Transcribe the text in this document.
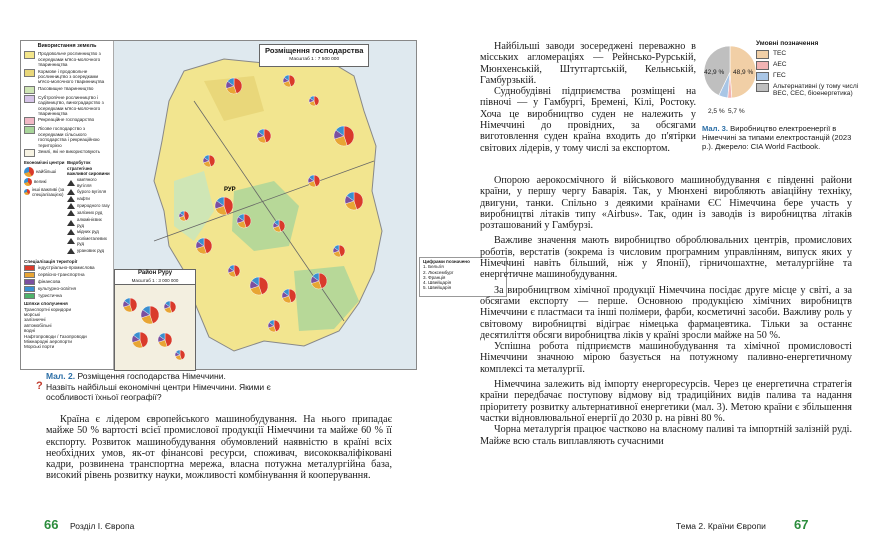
Використання земель
Продовольче рослинництво з осередками м'ясо-молочного тваринництва
Кормове і продовольче рослинництво з осередками м'ясо-молочного тваринництва
Пасовищне тваринництво
Субтропічне рослинництво і садівництво, виноградарство з осередками м'ясо-молочного тваринництва
Рекреаційне господарство
Лісове господарство з осередками сільського господарства і рекреаційною територією
Землі, які не використовують
Економічні центри
найбільші
великі
інші важливі (за спеціалізацією)
Видобуток стратегічно важливої сировини
кам'яного вугілля
бурого вугілля
нафти
природного газу
залізних руд
алюмінієвих руд
мідних руд
поліметалевих руд
уранових руд
Спеціалізація території
індустріально-промислова
сервісно-транспортна
фінансова
культурно-освітня
туристична
Шляхи сполучення
Транспортні коридори
морські
залізничні
автомобільні
водні
Нафтопроводи / Газопроводи
Міжнародні аеропорти
Морські порти
РУР
Розміщення господарства
Масштаб 1 : 7 500 000
Цифрами позначено
1. Бельгія
2. Люксембург
3. Франція
4. Швейцарія
5. Швейцарія
Район Руру
Масштаб 1 : 3 000 000
Мал. 2. Розміщення господарства Німеччини.
? Назвіть найбільші економічні центри Німеччини. Якими є особливості їхньої географії?

Країна є лідером європейського машинобудування. На нього припадає майже 50 % вартості всієї промислової продукції Німеччини та майже 60 % її експорту. Розвиток машинобудування обумовлений наявністю в країні всіх необхідних умов, як-от фінансові ресурси, споживач, висококваліфіковані кадри, розвинена транспортна мережа, власна потужна металургійна база, високий рівень розвитку науки, можливості комбінування й кооперування.

66 Розділ І. Європа

Найбільші заводи зосереджені переважно в місських агломераціях — Рейнсько-Рурській, Мюнхенській, Штутгартській, Кельнській, Гамбурзькій.

Суднобудівні підприємства розміщені на півночі — у Гамбургі, Бремені, Кілі, Ростоку. Хоча це виробництво суден не належить у Німеччині до провідних, за обсягами виготовлення суден країна входить до п'ятірки світових лідерів, у тому числі за експортом.

42,9 % 48,9 %
2,5 % 5,7 %
Умовні позначення
ТЕС
АЕС
ГЕС
Альтернативні (у тому числі ВЕС, СЕС, біоенергетика)
Мал. 3. Виробництво електроенергії в Німеччині за типами електростанцій (2023 р.). Джерело: CIA World Factbook.

Опорою аерокосмічного й військового машинобудування є південні райони країни, у першу чергу Баварія. Так, у Мюнхені виробляють авіаційну техніку, двигуни, танки. Спільно з деякими країнами ЄС Німеччина бере участь у виробництві літаків типу «Airbus». Так, один із заводів із виробництва літаків розташований у Гамбурзі.

Важливе значення мають виробництво оброблювальних центрів, промислових роботів, верстатів (зокрема із числовим програмним управлінням, випуск яких у Німеччині навіть більший, ніж у Японії), гірничошахтне, металургійне та енергетичне машинобудування.

За виробництвом хімічної продукції Німеччина посідає друге місце у світі, а за обсягами експорту — перше. Основною продукцією хімічних виробництв Німеччини є пластмаси та інші полімери, фарби, косметичні засоби. Важливу роль у світовому виробництві відіграє німецька фармацевтика. Тільки за останнє десятиліття обсяги виробництва ліків у країні зросли майже на 50 %.

Успішна робота підприємств машинобудування та хімічної промисловості Німеччини значною мірою базується на потужному паливно-енергетичному комплексі та металургії.

Німеччина залежить від імпорту енергоресурсів. Через це енергетична стратегія країни передбачає поступову відмову від традиційних видів палива та надання пріоритету розвитку альтернативної енергетики (мал. 3). Метою країни є збільшення частки відновлювальної енергії до 2030 р. на рівні 80 %.

Чорна металургія працює частково на власному паливі та імпортній залізній руді. Майже всю сталь виплавляють сучасними

Тема 2. Країни Європи 67
